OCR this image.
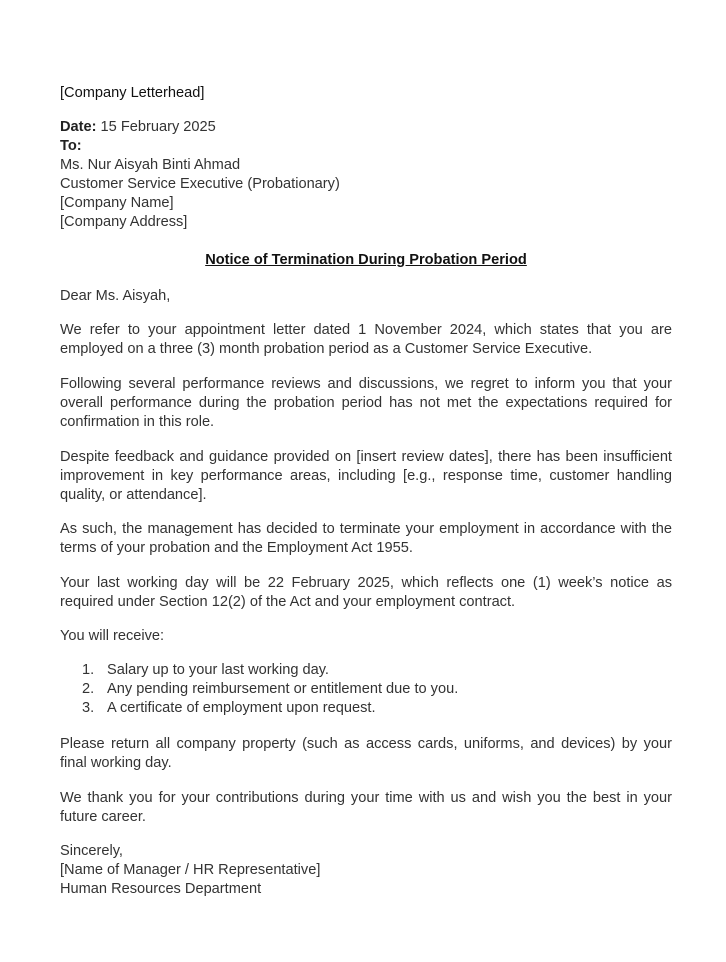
[Company Letterhead]
Date: 15 February 2025
To:
Ms. Nur Aisyah Binti Ahmad
Customer Service Executive (Probationary)
[Company Name]
[Company Address]
Notice of Termination During Probation Period
Dear Ms. Aisyah,
We refer to your appointment letter dated 1 November 2024, which states that you are employed on a three (3) month probation period as a Customer Service Executive.
Following several performance reviews and discussions, we regret to inform you that your overall performance during the probation period has not met the expectations required for confirmation in this role.
Despite feedback and guidance provided on [insert review dates], there has been insufficient improvement in key performance areas, including [e.g., response time, customer handling quality, or attendance].
As such, the management has decided to terminate your employment in accordance with the terms of your probation and the Employment Act 1955.
Your last working day will be 22 February 2025, which reflects one (1) week’s notice as required under Section 12(2) of the Act and your employment contract.
You will receive:
1. Salary up to your last working day.
2. Any pending reimbursement or entitlement due to you.
3. A certificate of employment upon request.
Please return all company property (such as access cards, uniforms, and devices) by your final working day.
We thank you for your contributions during your time with us and wish you the best in your future career.
Sincerely,
[Name of Manager / HR Representative]
Human Resources Department
